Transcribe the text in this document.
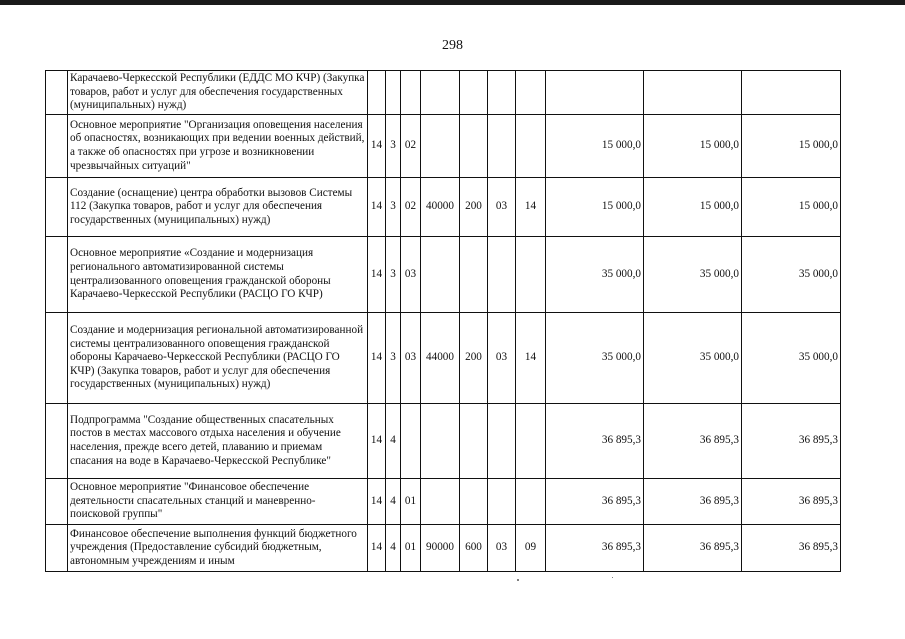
298
	Карачаево-Черкесской Республики (ЕДДС МО КЧР) (Закупка товаров, работ и услуг для обеспечения государственных (муниципальных) нужд)										
	Основное мероприятие "Организация оповещения населения об опасностях, возникающих при ведении военных действий, а также об опасностях при угрозе и возникновении чрезвычайных ситуаций"	14	3	02					15 000,0	15 000,0	15 000,0
	Создание (оснащение) центра обработки вызовов Системы 112 (Закупка товаров, работ и услуг для обеспечения государственных (муниципальных) нужд)	14	3	02	40000	200	03	14	15 000,0	15 000,0	15 000,0
	Основное мероприятие «Создание и модернизация регионального автоматизированной системы централизованного оповещения гражданской обороны Карачаево-Черкесской Республики (РАСЦО ГО КЧР)	14	3	03					35 000,0	35 000,0	35 000,0
	Создание и модернизация региональной автоматизированной системы централизованного оповещения гражданской обороны Карачаево-Черкесской Республики (РАСЦО ГО КЧР) (Закупка товаров, работ и услуг для обеспечения государственных (муниципальных) нужд)	14	3	03	44000	200	03	14	35 000,0	35 000,0	35 000,0
	Подпрограмма "Создание общественных спасательных постов в местах массового отдыха населения и обучение населения, прежде всего детей, плаванию и приемам спасания на воде в Карачаево-Черкесской Республике"	14	4						36 895,3	36 895,3	36 895,3
	Основное мероприятие "Финансовое обеспечение деятельности спасательных станций и маневренно-поисковой группы"	14	4	01					36 895,3	36 895,3	36 895,3
	Финансовое обеспечение выполнения функций бюджетного учреждения (Предоставление субсидий бюджетным, автономным учреждениям и иным	14	4	01	90000	600	03	09	36 895,3	36 895,3	36 895,3
